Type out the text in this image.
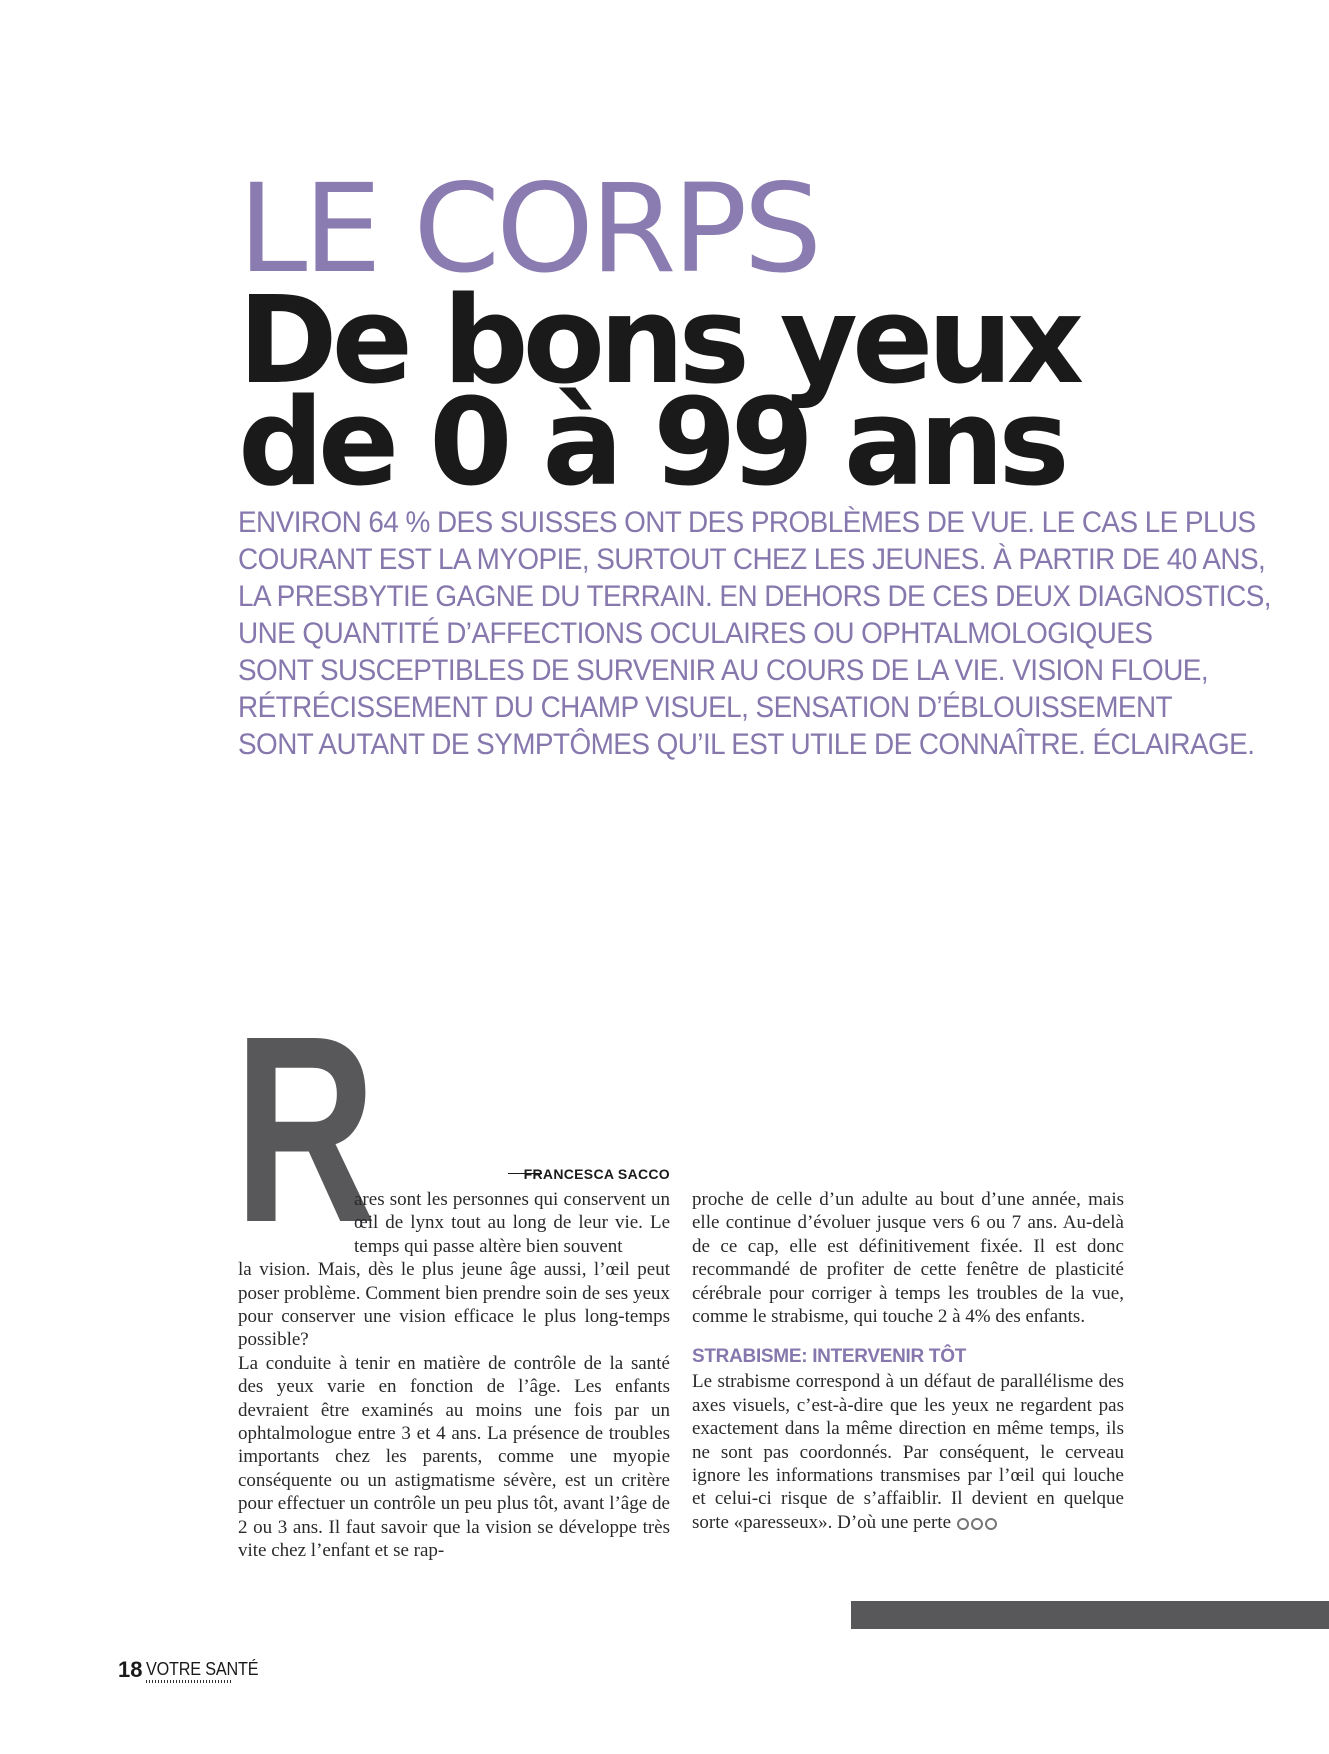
LE CORPS
De bons yeux
de 0 à 99 ans
ENVIRON 64 % DES SUISSES ONT DES PROBLÈMES DE VUE. LE CAS LE PLUS
COURANT EST LA MYOPIE, SURTOUT CHEZ LES JEUNES. À PARTIR DE 40 ANS,
LA PRESBYTIE GAGNE DU TERRAIN. EN DEHORS DE CES DEUX DIAGNOSTICS,
UNE QUANTITÉ D’AFFECTIONS OCULAIRES OU OPHTALMOLOGIQUES
SONT SUSCEPTIBLES DE SURVENIR AU COURS DE LA VIE. VISION FLOUE,
RÉTRÉCISSEMENT DU CHAMP VISUEL, SENSATION D’ÉBLOUISSEMENT
SONT AUTANT DE SYMPTÔMES QU’IL EST UTILE DE CONNAÎTRE. ÉCLAIRAGE.
R	FRANCESCA SACCO

ares sont les personnes qui conservent un œil de lynx tout au long de leur vie. Le temps qui passe altère bien souvent

la vision. Mais, dès le plus jeune âge aussi, l’œil peut poser problème. Comment bien prendre soin de ses yeux pour conserver une vision efficace le plus long-temps possible?

La conduite à tenir en matière de contrôle de la santé des yeux varie en fonction de l’âge. Les enfants devraient être examinés au moins une fois par un ophtalmologue entre 3 et 4 ans. La présence de troubles importants chez les parents, comme une myopie conséquente ou un astigmatisme sévère, est un critère pour effectuer un contrôle un peu plus tôt, avant l’âge de 2 ou 3 ans. Il faut savoir que la vision se développe très vite chez l’enfant et se rap-

proche de celle d’un adulte au bout d’une année, mais elle continue d’évoluer jusque vers 6 ou 7 ans. Au-delà de ce cap, elle est définitivement fixée. Il est donc recommandé de profiter de cette fenêtre de plasticité cérébrale pour corriger à temps les troubles de la vue, comme le strabisme, qui touche 2 à 4% des enfants.

STRABISME: INTERVENIR TÔT

Le strabisme correspond à un défaut de parallélisme des axes visuels, c’est-à-dire que les yeux ne regardent pas exactement dans la même direction en même temps, ils ne sont pas coordonnés. Par conséquent, le cerveau ignore les informations transmises par l’œil qui louche et celui-ci risque de s’affaiblir. Il devient en quelque sorte «paresseux». D’où une perte

18 VOTRE SANTÉ
